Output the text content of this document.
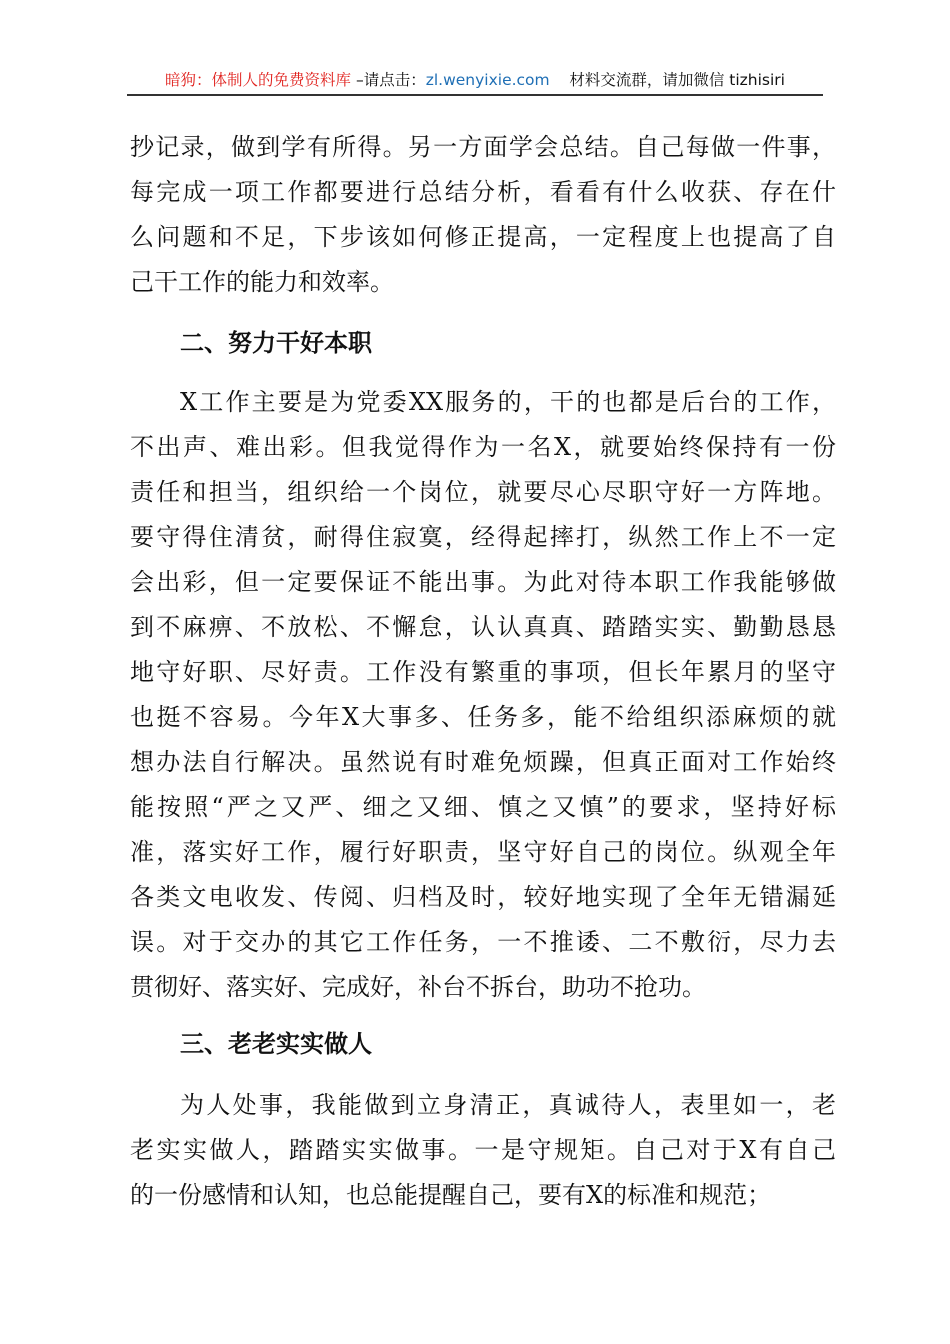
暗狗：体制人的免费资料库 –请点击：zl.wenyixie.com    材料交流群，请加微信 tizhisiri
抄记录，做到学有所得。另一方面学会总结。自己每做一件事，
每完成一项工作都要进行总结分析，看看有什么收获、存在什
么问题和不足，下步该如何修正提高，一定程度上也提高了自
己干工作的能力和效率。
二、努力干好本职
X工作主要是为党委XX服务的，干的也都是后台的工作，
不出声、难出彩。但我觉得作为一名X，就要始终保持有一份
责任和担当，组织给一个岗位，就要尽心尽职守好一方阵地。
要守得住清贫，耐得住寂寞，经得起摔打，纵然工作上不一定
会出彩，但一定要保证不能出事。为此对待本职工作我能够做
到不麻痹、不放松、不懈怠，认认真真、踏踏实实、勤勤恳恳
地守好职、尽好责。工作没有繁重的事项，但长年累月的坚守
也挺不容易。今年X大事多、任务多，能不给组织添麻烦的就
想办法自行解决。虽然说有时难免烦躁，但真正面对工作始终
能按照“严之又严、细之又细、慎之又慎”的要求，坚持好标
准，落实好工作，履行好职责，坚守好自己的岗位。纵观全年
各类文电收发、传阅、归档及时，较好地实现了全年无错漏延
误。对于交办的其它工作任务，一不推诿、二不敷衍，尽力去
贯彻好、落实好、完成好，补台不拆台，助功不抢功。
三、老老实实做人
为人处事，我能做到立身清正，真诚待人，表里如一，老
老实实做人，踏踏实实做事。一是守规矩。自己对于X有自己
的一份感情和认知，也总能提醒自己，要有X的标准和规范；
